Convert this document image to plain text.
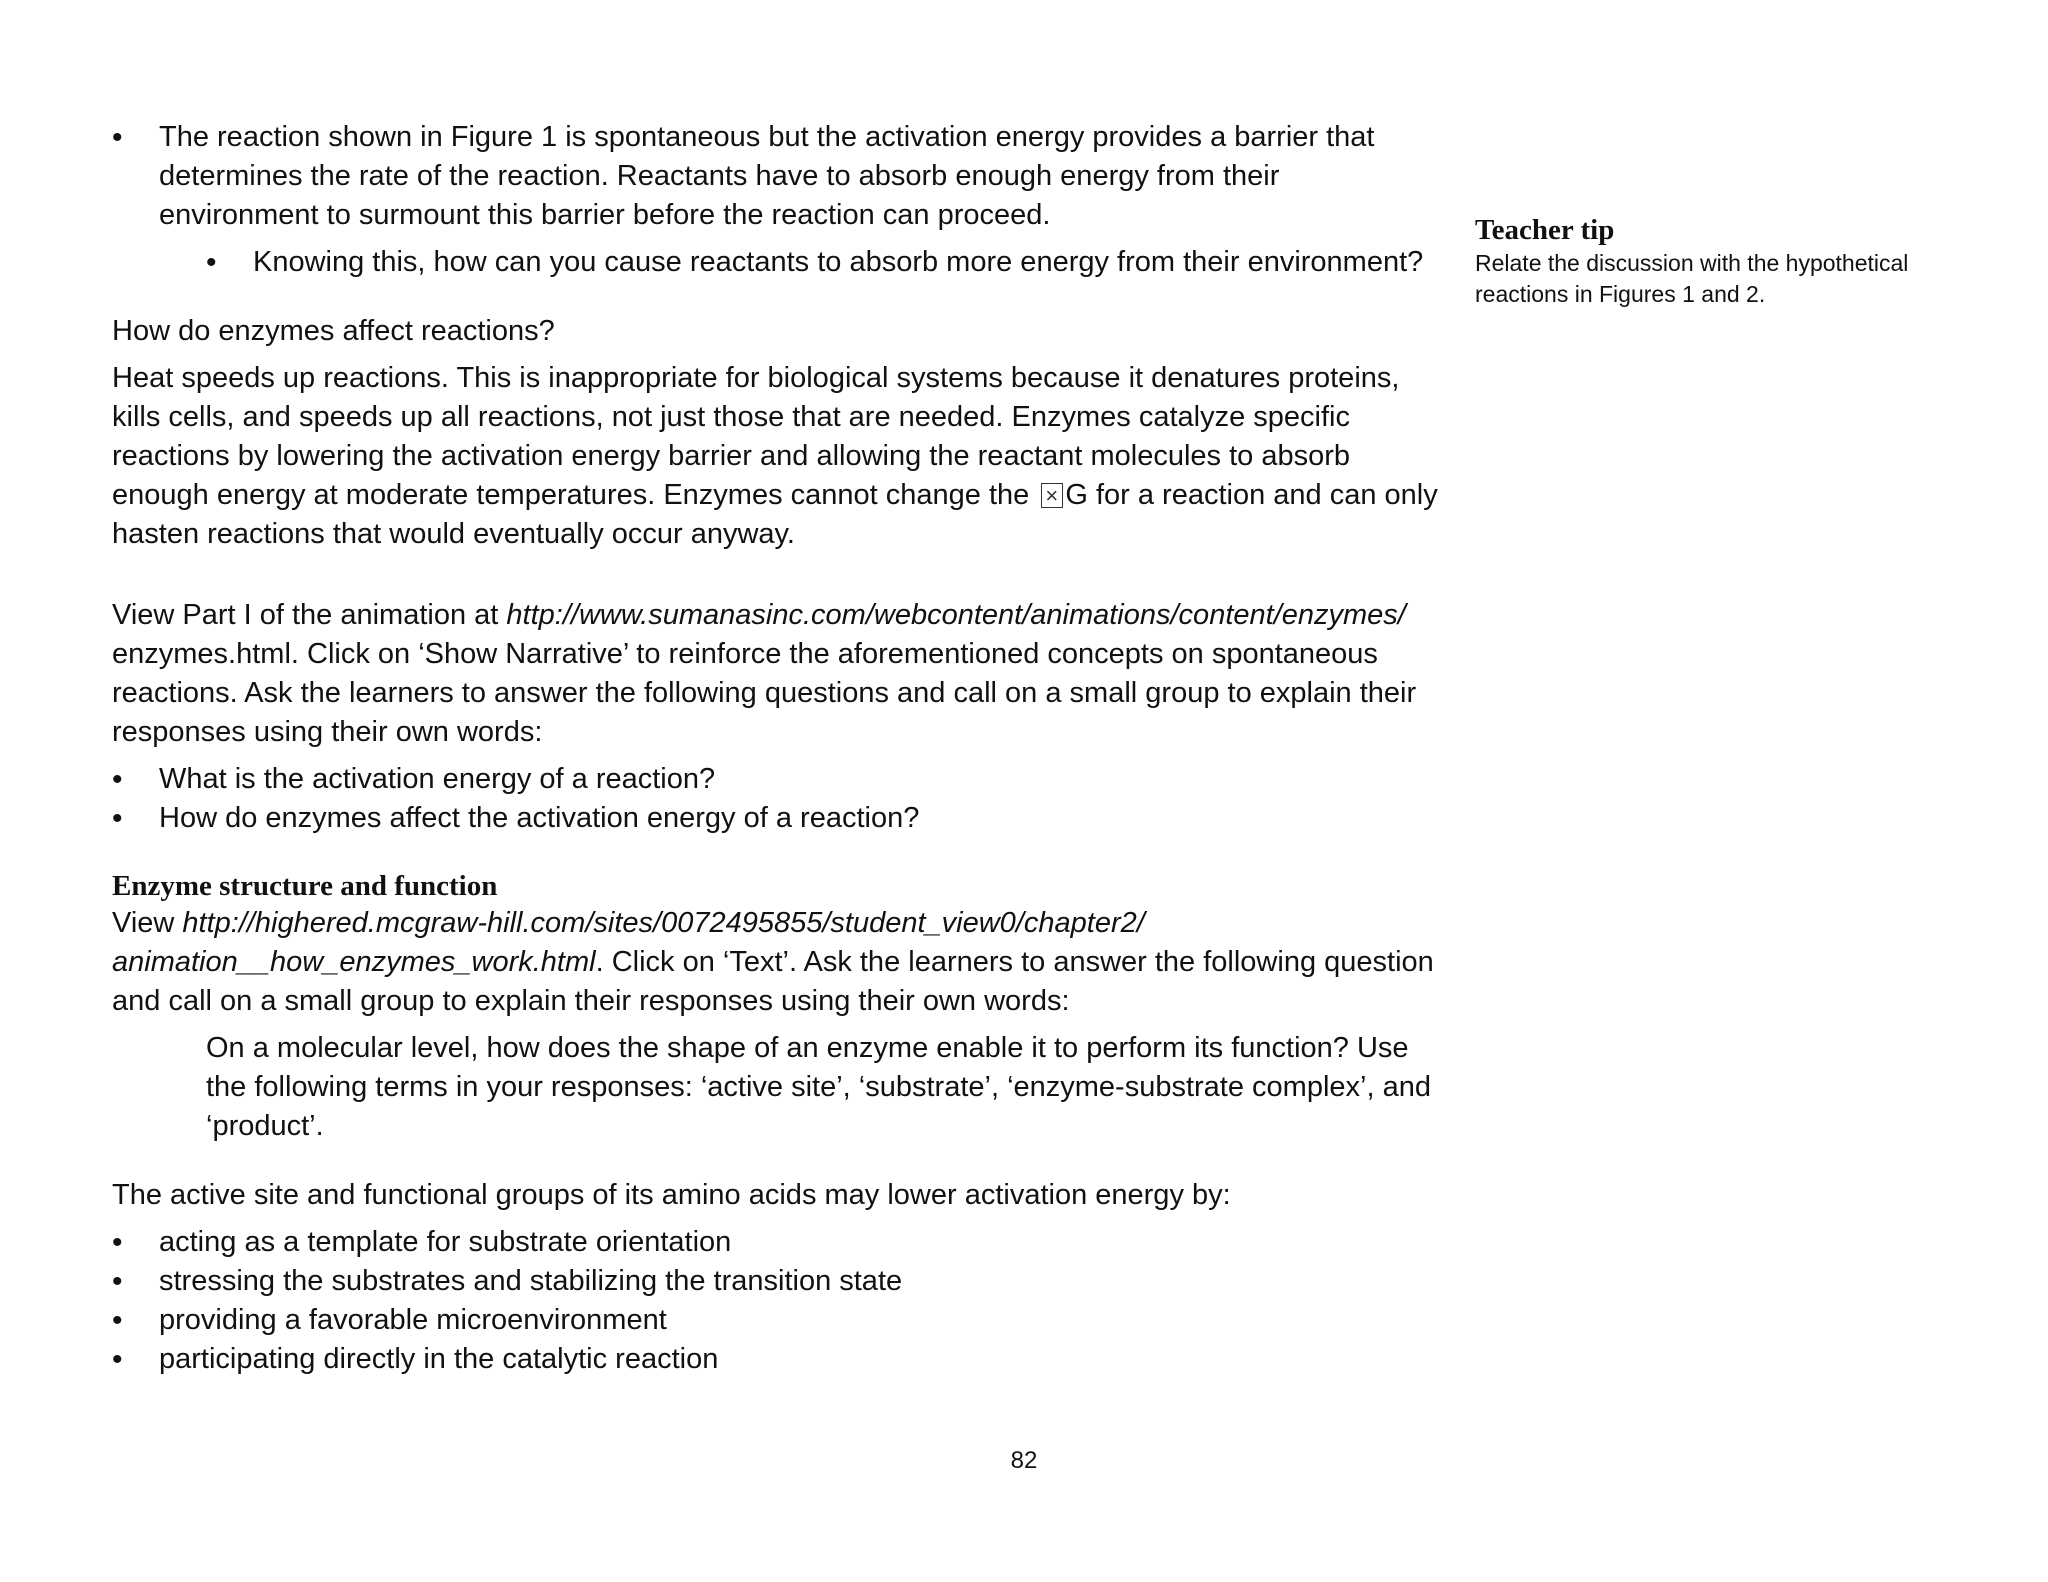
• The reaction shown in Figure 1 is spontaneous but the activation energy provides a barrier that determines the rate of the reaction. Reactants have to absorb enough energy from their environment to surmount this barrier before the reaction can proceed.
• Knowing this, how can you cause reactants to absorb more energy from their environment?

How do enzymes affect reactions?

Heat speeds up reactions. This is inappropriate for biological systems because it denatures proteins, kills cells, and speeds up all reactions, not just those that are needed. Enzymes catalyze specific reactions by lowering the activation energy barrier and allowing the reactant molecules to absorb enough energy at moderate temperatures. Enzymes cannot change the ×G for a reaction and can only hasten reactions that would eventually occur anyway.

View Part I of the animation at http://www.sumanasinc.com/webcontent/animations/content/enzymes/
enzymes.html. Click on ‘Show Narrative’ to reinforce the aforementioned concepts on spontaneous reactions. Ask the learners to answer the following questions and call on a small group to explain their responses using their own words:

• What is the activation energy of a reaction?
• How do enzymes affect the activation energy of a reaction?
Enzyme structure and function

View http://highered.mcgraw-hill.com/sites/0072495855/student_view0/chapter2/ animation__how_enzymes_work.html. Click on ‘Text’. Ask the learners to answer the following question and call on a small group to explain their responses using their own words:

On a molecular level, how does the shape of an enzyme enable it to perform its function? Use the following terms in your responses: ‘active site’, ‘substrate’, ‘enzyme-substrate complex’, and ‘product’.

The active site and functional groups of its amino acids may lower activation energy by:

• acting as a template for substrate orientation
• stressing the substrates and stabilizing the transition state
• providing a favorable microenvironment
• participating directly in the catalytic reaction
Teacher tip
Relate the discussion with the hypothetical reactions in Figures 1 and 2.
82
